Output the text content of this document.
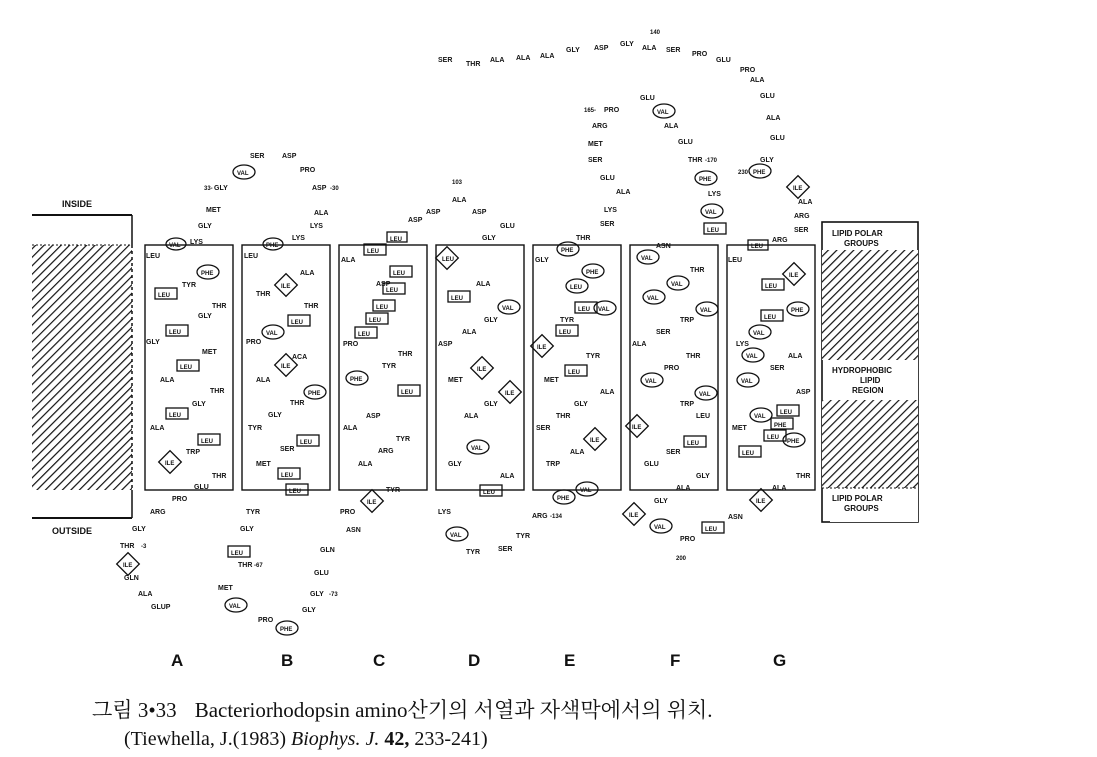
INSIDE
OUTSIDE
LIPID POLAR
GROUPS
HYDROPHOBIC
LIPID
REGION
LIPID POLAR
GROUPS
LEU
LEU
LEU
LEU
LEU
PHE
VAL
ILE
LEU
LEU
LEU
LEU
VAL
PHE
PHE
ILE
ILE
LEU
LEU
LEU
LEU
LEU
LEU
LEU
LEU
PHE
ILE
LEU
LEU
VAL
VAL
VAL
LEU
ILE
ILE
LEU
LEU
LEU
PHE
LEU
VAL
PHE
PHE
VAL
ILE
ILE
VAL
VAL
VAL
VAL
VAL
VAL
VAL
PHE
VAL
VAL
LEU
LEU
LEU
ILE
ILE
LEU
LEU
LEU
PHE
LEU
LEU
LEU
PHE
VAL
VAL
VAL
VAL
PHE
PHE
ILE
ILE
ILE
VAL
VAL
PHE
LEU
ILE
LEU
TYR
THR
GLY
GLY
MET
ALA
THR
GLY
ALA
TRP
THR
GLU
PRO
ARG
GLY
THR
GLN
ALA
GLUP
-3
LYS
GLY
MET
GLY
33-
SER	ASP
PRO
ASP -30
ALA
LYS
LYS
LEU
ALA
THR
THR
PRO
ACA
ALA
THR
GLY
TYR
SER
MET
TYR
GLY
THR -67
MET
PRO
PRO
ASN
GLN
GLU
GLY -73
GLY
ALA
ASP
PRO
THR
TYR
ASP
ALA
TYR
ARG
ALA
TYR
ASP
ASP
103
ALA
ASP
GLU
GLY
ALA
GLY
ALA
ASP
MET
GLY
ALA
GLY
ALA
LYS
TYR	SER
TYR
GLY
TYR
TYR
MET
ALA
GLY
THR
SER
ALA
TRP
ARG -134
THR
SER
LYS
ALA
GLU
SER
MET
ARG
165- PRO
GLU
ALA
GLU
THR -170
LYS
ASN
THR
TRP
SER
ALA
THR
PRO
TRP
LEU
SER
GLU
GLY
ALA
GLY
PRO
200
ASN
SER
THR
ALA ALA ALA
GLY ASP
GLY
140
ALA SER
PRO
GLU
PRO
ALA
GLU
ALA
GLU
GLY
230
ALA
ARG
SER
ARG
LEU
LYS
ALA
SER
ASP
MET
THR
ALA
A	B	C	D	E	F	G
그림 3•33 Bacteriorhodopsin amino산기의 서열과 자색막에서의 위치.
(Tiewhella, J.(1983) Biophys. J. 42, 233-241)
